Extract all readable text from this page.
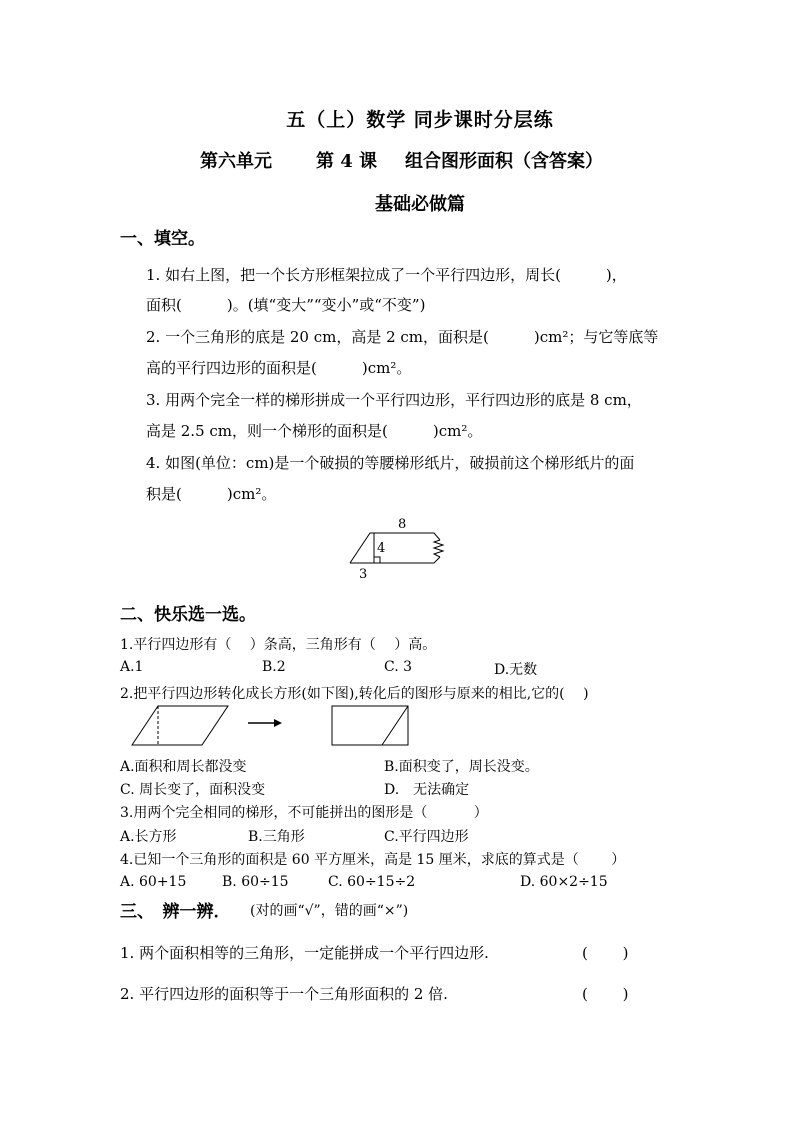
五（上）数学 同步课时分层练
第六单元 第 4 课 组合图形面积（含答案）
基础必做篇
一、填空。
1. 如右上图，把一个长方形框架拉成了一个平行四边形，周长(　　　)，
面积(　　　)。(填“变大”“变小”或“不变”)
2. 一个三角形的底是 20 cm，高是 2 cm，面积是(　　　)cm²；与它等底等
高的平行四边形的面积是(　　　)cm²。
3. 用两个完全一样的梯形拼成一个平行四边形，平行四边形的底是 8 cm，
高是 2.5 cm，则一个梯形的面积是(　　　)cm²。
4. 如图(单位：cm)是一个破损的等腰梯形纸片，破损前这个梯形纸片的面
积是(　　　)cm²。
8
4
3
二、快乐选一选。
1.平行四边形有（　 ）条高，三角形有（　 ）高。
A.1	B.2	C. 3	D.无数
2.把平行四边形转化成长方形(如下图),转化后的图形与原来的相比,它的(　 )
A.面积和周长都没变	B.面积变了，周长没变。
C. 周长变了，面积没变	D.　无法确定
3.用两个完全相同的梯形，不可能拼出的图形是（　　　 ）
A.长方形	B.三角形	C.平行四边形
4.已知一个三角形的面积是 60 平方厘米，高是 15 厘米，求底的算式是（　　 ）
A. 60+15	B. 60÷15	C. 60÷15÷2	D. 60×2÷15
三、　辨一辨． (对的画“√”，错的画“×”)
1. 两个面积相等的三角形，一定能拼成一个平行四边形.	(　　 )
2. 平行四边形的面积等于一个三角形面积的 2 倍.	(　　 )
